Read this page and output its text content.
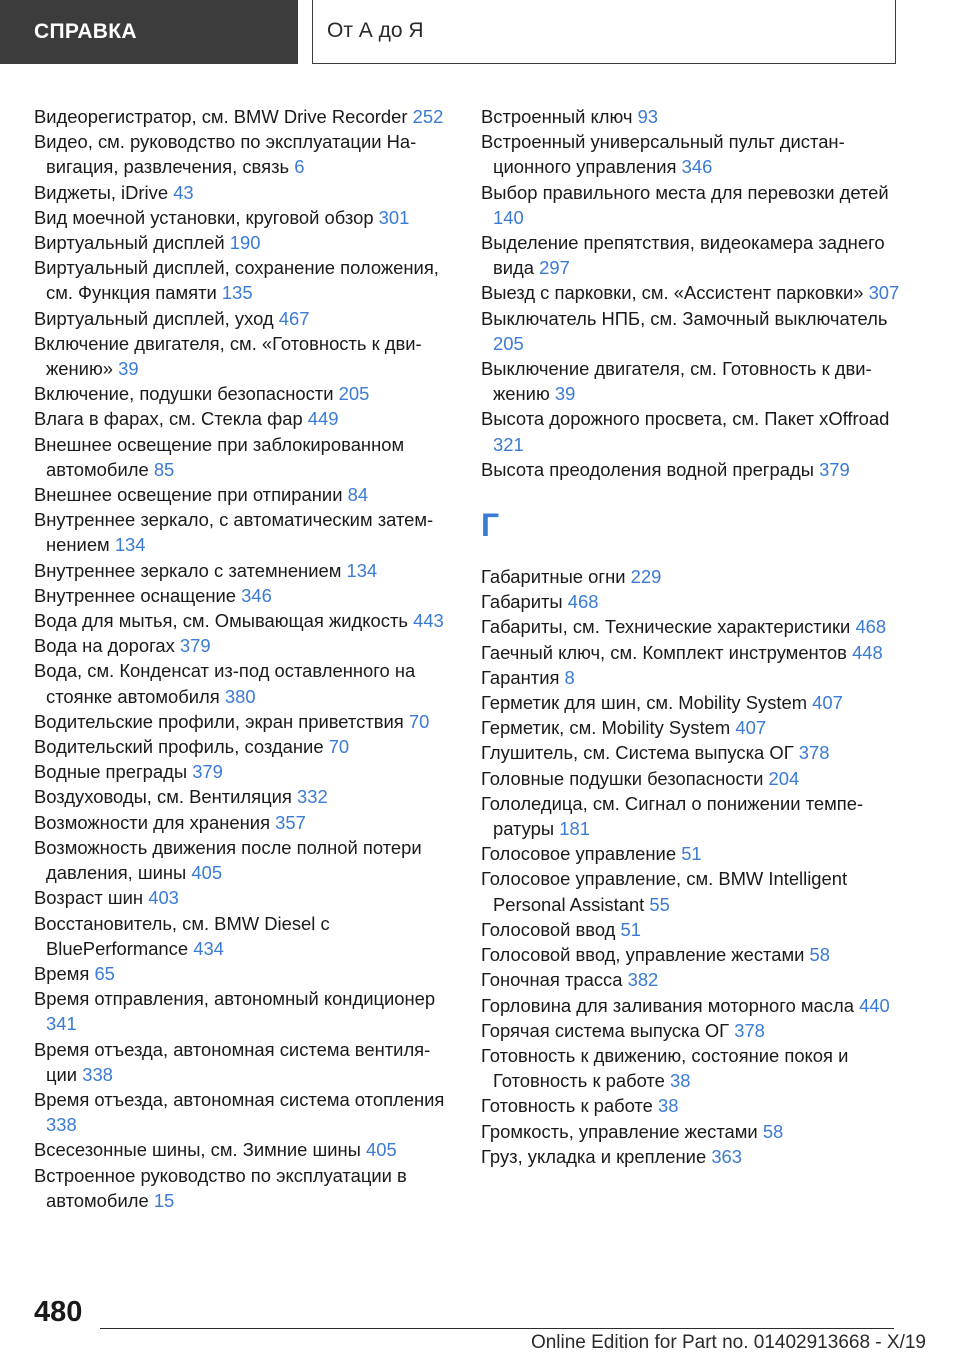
СПРАВКА	От А до Я
Видеорегистратор, см. BMW Drive Recorder 252
Видео, см. руководство по эксплуатации Навигация, развлечения, связь 6
Виджеты, iDrive 43
Вид моечной установки, круговой обзор 301
Виртуальный дисплей 190
Виртуальный дисплей, сохранение положения, см. Функция памяти 135
Виртуальный дисплей, уход 467
Включение двигателя, см. «Готовность к движению» 39
Включение, подушки безопасности 205
Влага в фарах, см. Стекла фар 449
Внешнее освещение при заблокированном автомобиле 85
Внешнее освещение при отпирании 84
Внутреннее зеркало, с автоматическим затемнением 134
Внутреннее зеркало с затемнением 134
Внутреннее оснащение 346
Вода для мытья, см. Омывающая жидкость 443
Вода на дорогах 379
Вода, см. Конденсат из-под оставленного на стоянке автомобиля 380
Водительские профили, экран приветствия 70
Водительский профиль, создание 70
Водные преграды 379
Воздуховоды, см. Вентиляция 332
Возможности для хранения 357
Возможность движения после полной потери давления, шины 405
Возраст шин 403
Восстановитель, см. BMW Diesel с BluePerformance 434
Время 65
Время отправления, автономный кондиционер 341
Время отъезда, автономная система вентиляции 338
Время отъезда, автономная система отопления 338
Всесезонные шины, см. Зимние шины 405
Встроенное руководство по эксплуатации в автомобиле 15
Встроенный ключ 93
Встроенный универсальный пульт дистанционного управления 346
Выбор правильного места для перевозки детей 140
Выделение препятствия, видеокамера заднего вида 297
Выезд с парковки, см. «Ассистент парковки» 307
Выключатель НПБ, см. Замочный выключатель 205
Выключение двигателя, см. Готовность к движению 39
Высота дорожного просвета, см. Пакет xOffroad 321
Высота преодоления водной преграды 379
Г
Габаритные огни 229
Габариты 468
Габариты, см. Технические характеристики 468
Гаечный ключ, см. Комплект инструментов 448
Гарантия 8
Герметик для шин, см. Mobility System 407
Герметик, см. Mobility System 407
Глушитель, см. Система выпуска ОГ 378
Головные подушки безопасности 204
Гололедица, см. Сигнал о понижении температуры 181
Голосовое управление 51
Голосовое управление, см. BMW Intelligent Personal Assistant 55
Голосовой ввод 51
Голосовой ввод, управление жестами 58
Гоночная трасса 382
Горловина для заливания моторного масла 440
Горячая система выпуска ОГ 378
Готовность к движению, состояние покоя и Готовность к работе 38
Готовность к работе 38
Громкость, управление жестами 58
Груз, укладка и крепление 363
480
Online Edition for Part no. 01402913668 - X/19
